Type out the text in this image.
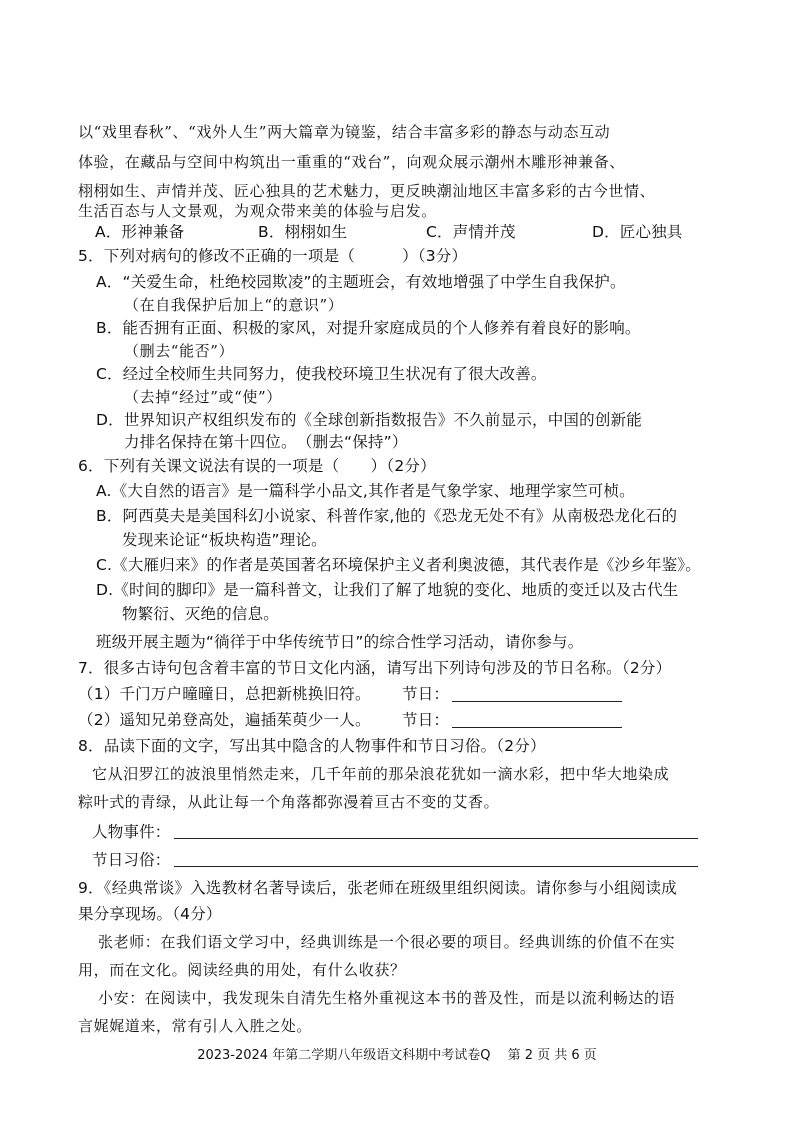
以“戏里春秋”、“戏外人生”两大篇章为镜鉴，结合丰富多彩的静态与动态互动
体验，在藏品与空间中构筑出一重重的“戏台”，向观众展示潮州木雕形神兼备、
栩栩如生、声情并茂、匠心独具的艺术魅力，更反映潮汕地区丰富多彩的古今世情、
生活百态与人文景观，为观众带来美的体验与启发。
A．形神兼备	B．栩栩如生	C．声情并茂	D．匠心独具
5．下列对病句的修改不正确的一项是（　　　）（3分）
A．“关爱生命，杜绝校园欺凌”的主题班会，有效地增强了中学生自我保护。
（在自我保护后加上“的意识”）
B．能否拥有正面、积极的家风，对提升家庭成员的个人修养有着良好的影响。
（删去“能否”）
C．经过全校师生共同努力，使我校环境卫生状况有了很大改善。
（去掉“经过”或“使”）
D．世界知识产权组织发布的《全球创新指数报告》不久前显示，中国的创新能
力排名保持在第十四位。　（删去“保持”）
6．下列有关课文说法有误的一项是（　　）（2分）
A.《大自然的语言》是一篇科学小品文,其作者是气象学家、地理学家竺可桢。
B．阿西莫夫是美国科幻小说家、科普作家,他的《恐龙无处不有》从南极恐龙化石的
发现来论证“板块构造”理论。
C.《大雁归来》的作者是英国著名环境保护主义者利奥波德，其代表作是《沙乡年鉴》。
D.《时间的脚印》是一篇科普文，让我们了解了地貌的变化、地质的变迁以及古代生
物繁衍、灭绝的信息。
班级开展主题为“徜徉于中华传统节日”的综合性学习活动，请你参与。
7．很多古诗句包含着丰富的节日文化内涵，请写出下列诗句涉及的节日名称。（2分）
（1）千门万户曈曈日，总把新桃换旧符。 节日：
（2）遥知兄弟登高处，遍插茱萸少一人。 节日：
8．品读下面的文字，写出其中隐含的人物事件和节日习俗。（2分）
它从汨罗江的波浪里悄然走来，几千年前的那朵浪花犹如一滴水彩，把中华大地染成
粽叶式的青绿，从此让每一个角落都弥漫着亘古不变的艾香。
人物事件：
节日习俗：
9．《经典常谈》入选教材名著导读后，张老师在班级里组织阅读。请你参与小组阅读成
果分享现场。（4分）
张老师：在我们语文学习中，经典训练是一个很必要的项目。经典训练的价值不在实
用，而在文化。阅读经典的用处，有什么收获？
小安：在阅读中，我发现朱自清先生格外重视这本书的普及性，而是以流利畅达的语
言娓娓道来，常有引人入胜之处。
2023-2024 年第二学期八年级语文科期中考试卷Q　 第 2 页 共 6 页
